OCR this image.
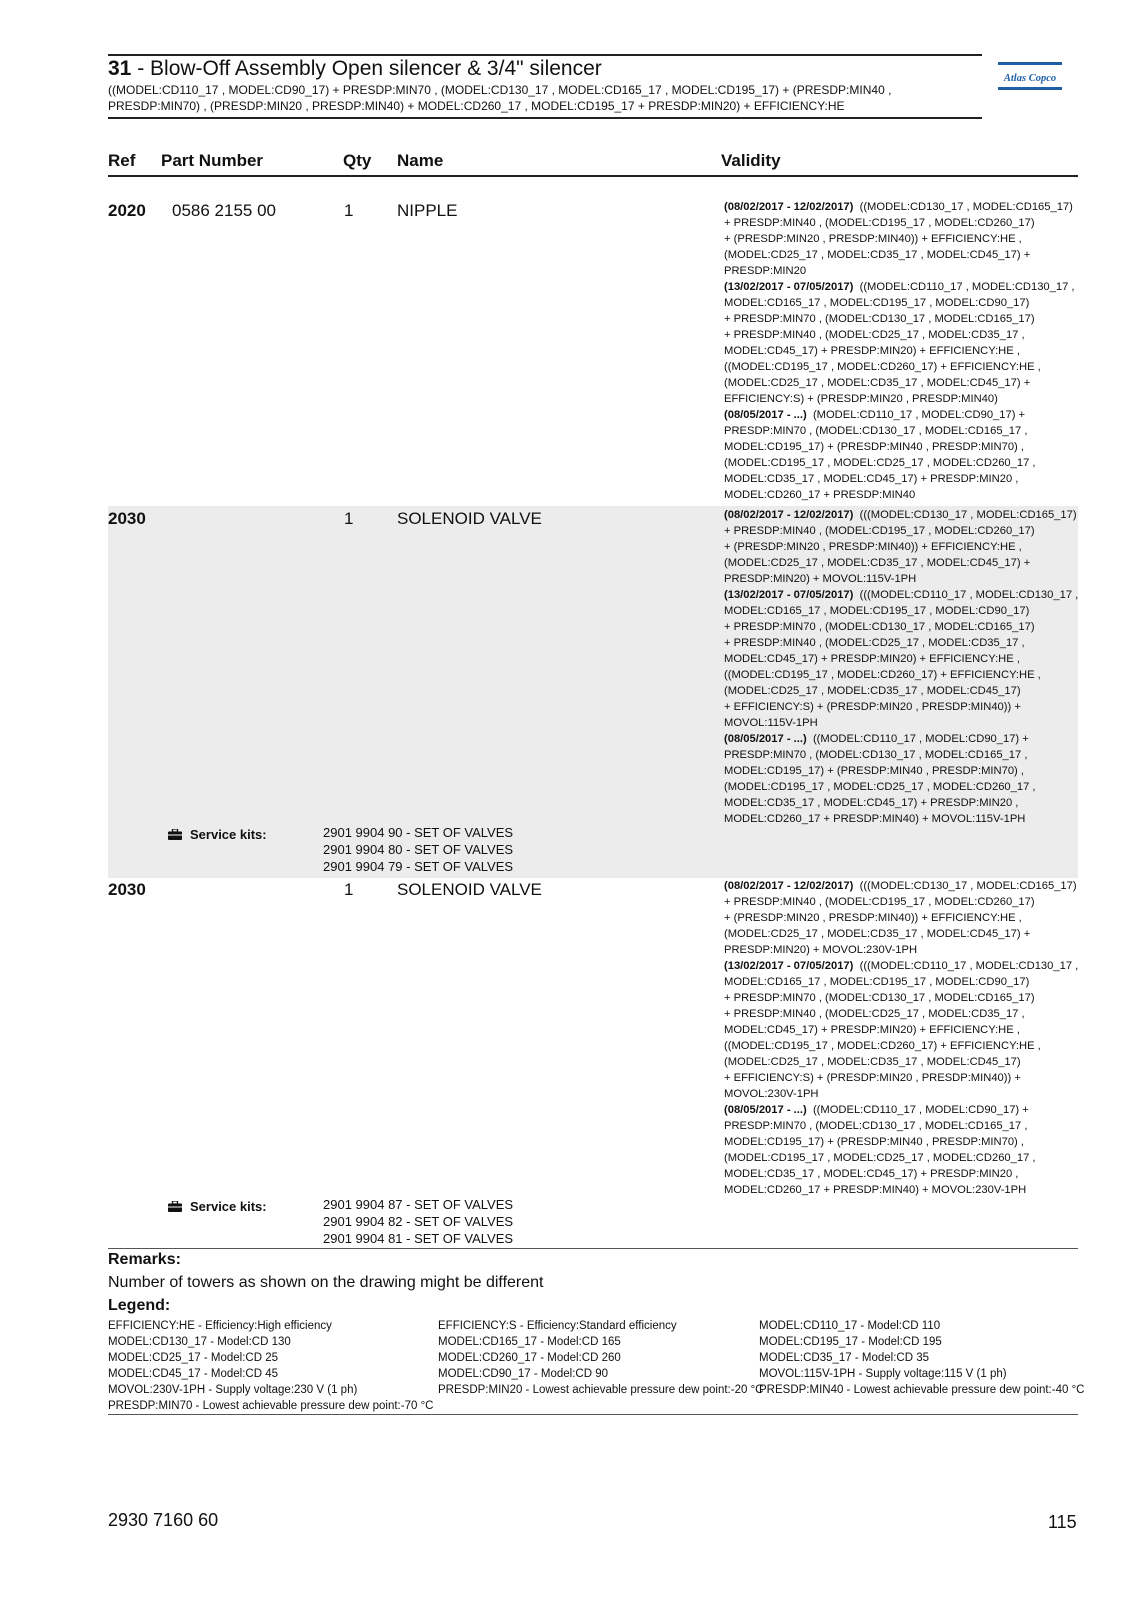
31 - Blow-Off Assembly Open silencer & 3/4" silencer
((MODEL:CD110_17 , MODEL:CD90_17) + PRESDP:MIN70 , (MODEL:CD130_17 , MODEL:CD165_17 , MODEL:CD195_17) + (PRESDP:MIN40 , PRESDP:MIN70) , (PRESDP:MIN20 , PRESDP:MIN40) + MODEL:CD260_17 , MODEL:CD195_17 + PRESDP:MIN20) + EFFICIENCY:HE
Atlas Copco
Ref Part Number	Qty Name	Validity
2020 0586 2155 00	1	NIPPLE	(08/02/2017 - 12/02/2017) ((MODEL:CD130_17 , MODEL:CD165_17)
+ PRESDP:MIN40 , (MODEL:CD195_17 , MODEL:CD260_17)
+ (PRESDP:MIN20 , PRESDP:MIN40)) + EFFICIENCY:HE ,
(MODEL:CD25_17 , MODEL:CD35_17 , MODEL:CD45_17) +
PRESDP:MIN20
(13/02/2017 - 07/05/2017) ((MODEL:CD110_17 , MODEL:CD130_17 ,
MODEL:CD165_17 , MODEL:CD195_17 , MODEL:CD90_17)
+ PRESDP:MIN70 , (MODEL:CD130_17 , MODEL:CD165_17)
+ PRESDP:MIN40 , (MODEL:CD25_17 , MODEL:CD35_17 ,
MODEL:CD45_17) + PRESDP:MIN20) + EFFICIENCY:HE ,
((MODEL:CD195_17 , MODEL:CD260_17) + EFFICIENCY:HE ,
(MODEL:CD25_17 , MODEL:CD35_17 , MODEL:CD45_17) +
EFFICIENCY:S) + (PRESDP:MIN20 , PRESDP:MIN40)
(08/05/2017 - ...) (MODEL:CD110_17 , MODEL:CD90_17) +
PRESDP:MIN70 , (MODEL:CD130_17 , MODEL:CD165_17 ,
MODEL:CD195_17) + (PRESDP:MIN40 , PRESDP:MIN70) ,
(MODEL:CD195_17 , MODEL:CD25_17 , MODEL:CD260_17 ,
MODEL:CD35_17 , MODEL:CD45_17) + PRESDP:MIN20 ,
MODEL:CD260_17 + PRESDP:MIN40
2030	1	SOLENOID VALVE	(08/02/2017 - 12/02/2017) (((MODEL:CD130_17 , MODEL:CD165_17)
+ PRESDP:MIN40 , (MODEL:CD195_17 , MODEL:CD260_17)
+ (PRESDP:MIN20 , PRESDP:MIN40)) + EFFICIENCY:HE ,
(MODEL:CD25_17 , MODEL:CD35_17 , MODEL:CD45_17) +
PRESDP:MIN20) + MOVOL:115V-1PH
(13/02/2017 - 07/05/2017) (((MODEL:CD110_17 , MODEL:CD130_17 ,
MODEL:CD165_17 , MODEL:CD195_17 , MODEL:CD90_17)
+ PRESDP:MIN70 , (MODEL:CD130_17 , MODEL:CD165_17)
+ PRESDP:MIN40 , (MODEL:CD25_17 , MODEL:CD35_17 ,
MODEL:CD45_17) + PRESDP:MIN20) + EFFICIENCY:HE ,
((MODEL:CD195_17 , MODEL:CD260_17) + EFFICIENCY:HE ,
(MODEL:CD25_17 , MODEL:CD35_17 , MODEL:CD45_17)
+ EFFICIENCY:S) + (PRESDP:MIN20 , PRESDP:MIN40)) +
MOVOL:115V-1PH
(08/05/2017 - ...) ((MODEL:CD110_17 , MODEL:CD90_17) +
PRESDP:MIN70 , (MODEL:CD130_17 , MODEL:CD165_17 ,
MODEL:CD195_17) + (PRESDP:MIN40 , PRESDP:MIN70) ,
(MODEL:CD195_17 , MODEL:CD25_17 , MODEL:CD260_17 ,
MODEL:CD35_17 , MODEL:CD45_17) + PRESDP:MIN20 ,
MODEL:CD260_17 + PRESDP:MIN40) + MOVOL:115V-1PH
Service kits:	2901 9904 90 - SET OF VALVES
2901 9904 80 - SET OF VALVES
2901 9904 79 - SET OF VALVES
2030	1	SOLENOID VALVE	(08/02/2017 - 12/02/2017) (((MODEL:CD130_17 , MODEL:CD165_17)
+ PRESDP:MIN40 , (MODEL:CD195_17 , MODEL:CD260_17)
+ (PRESDP:MIN20 , PRESDP:MIN40)) + EFFICIENCY:HE ,
(MODEL:CD25_17 , MODEL:CD35_17 , MODEL:CD45_17) +
PRESDP:MIN20) + MOVOL:230V-1PH
(13/02/2017 - 07/05/2017) (((MODEL:CD110_17 , MODEL:CD130_17 ,
MODEL:CD165_17 , MODEL:CD195_17 , MODEL:CD90_17)
+ PRESDP:MIN70 , (MODEL:CD130_17 , MODEL:CD165_17)
+ PRESDP:MIN40 , (MODEL:CD25_17 , MODEL:CD35_17 ,
MODEL:CD45_17) + PRESDP:MIN20) + EFFICIENCY:HE ,
((MODEL:CD195_17 , MODEL:CD260_17) + EFFICIENCY:HE ,
(MODEL:CD25_17 , MODEL:CD35_17 , MODEL:CD45_17)
+ EFFICIENCY:S) + (PRESDP:MIN20 , PRESDP:MIN40)) +
MOVOL:230V-1PH
(08/05/2017 - ...) ((MODEL:CD110_17 , MODEL:CD90_17) +
PRESDP:MIN70 , (MODEL:CD130_17 , MODEL:CD165_17 ,
MODEL:CD195_17) + (PRESDP:MIN40 , PRESDP:MIN70) ,
(MODEL:CD195_17 , MODEL:CD25_17 , MODEL:CD260_17 ,
MODEL:CD35_17 , MODEL:CD45_17) + PRESDP:MIN20 ,
MODEL:CD260_17 + PRESDP:MIN40) + MOVOL:230V-1PH
Service kits:	2901 9904 87 - SET OF VALVES
2901 9904 82 - SET OF VALVES
2901 9904 81 - SET OF VALVES
Remarks:
Number of towers as shown on the drawing might be different
Legend:
EFFICIENCY:HE - Efficiency:High efficiency
MODEL:CD130_17 - Model:CD 130
MODEL:CD25_17 - Model:CD 25
MODEL:CD45_17 - Model:CD 45
MOVOL:230V-1PH - Supply voltage:230 V (1 ph)
PRESDP:MIN70 - Lowest achievable pressure dew point:-70 °C
EFFICIENCY:S - Efficiency:Standard efficiency
MODEL:CD165_17 - Model:CD 165
MODEL:CD260_17 - Model:CD 260
MODEL:CD90_17 - Model:CD 90
PRESDP:MIN20 - Lowest achievable pressure dew point:-20 °C
MODEL:CD110_17 - Model:CD 110
MODEL:CD195_17 - Model:CD 195
MODEL:CD35_17 - Model:CD 35
MOVOL:115V-1PH - Supply voltage:115 V (1 ph)
PRESDP:MIN40 - Lowest achievable pressure dew point:-40 °C
2930 7160 60	115
